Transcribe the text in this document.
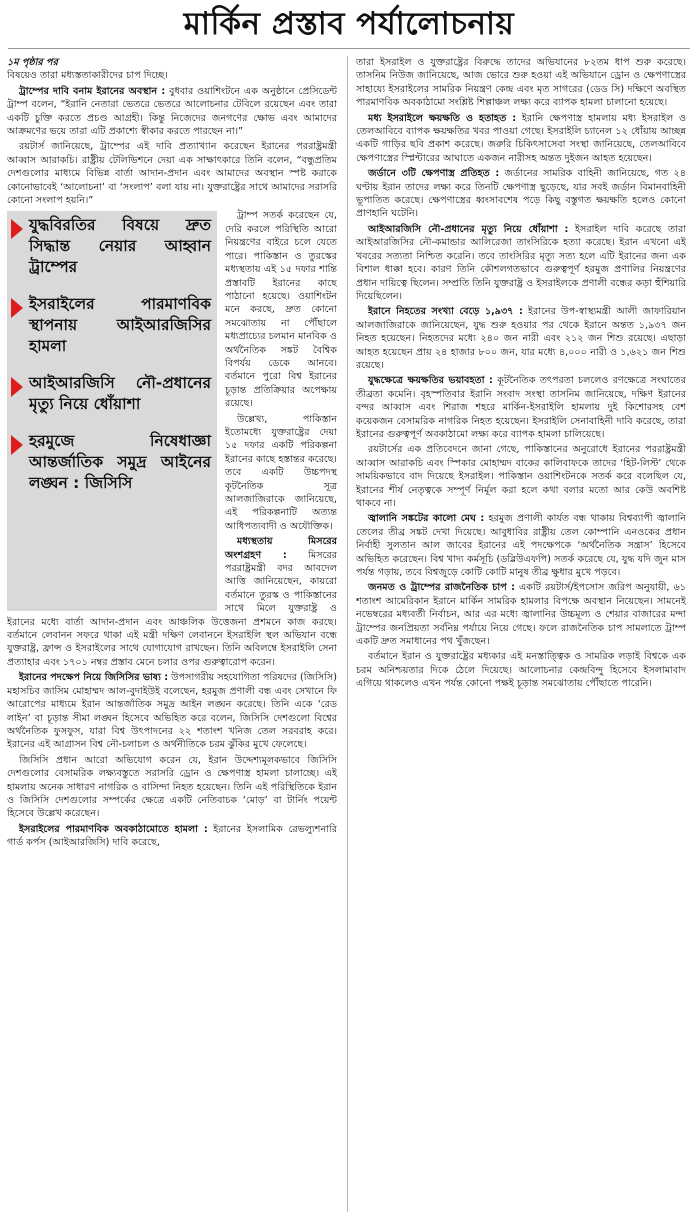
মার্কিন প্রস্তাব পর্যালোচনায়
১ম পৃষ্ঠার পর

বিষয়েও তারা মধ্যস্ততাকারীদের চাপ দিচ্ছে।

ট্রাম্পের দাবি বনাম ইরানের অবস্থান : বুধবার ওয়াশিংটনে এক অনুষ্ঠানে প্রেসিডেন্ট ট্রাম্প বলেন, “ইরানি নেতারা ভেতরে ভেতরে আলোচনার টেবিলে রয়েছেন এবং তারা একটি চুক্তি করতে প্রচণ্ড আগ্রহী। কিন্তু নিজেদের জনগণের ক্ষোভ এবং আমাদের আক্রমণের ভয়ে তারা এটি প্রকাশ্যে স্বীকার করতে পারছেন না।”

রয়টার্স জানিয়েছে, ট্রাম্পের এই দাবি প্রত্যাখ্যান করেছেন ইরানের পররাষ্ট্রমন্ত্রী আব্বাস আরাকচি। রাষ্ট্রীয় টেলিভিশনে দেয়া এক সাক্ষাৎকারে তিনি বলেন, “বন্ধুপ্রতিম দেশগুলোর মাধ্যমে বিভিন্ন বার্তা আদান-প্রদান এবং আমাদের অবস্থান স্পষ্ট করাকে কোনোভাবেই ‘আলোচনা’ বা ‘সংলাপ’ বলা যায় না। যুক্তরাষ্ট্রের সাথে আমাদের সরাসরি কোনো সংলাপ হয়নি।”

যুদ্ধবিরতির বিষয়ে দ্রুত সিদ্ধান্ত নেয়ার আহ্বান ট্রাম্পের
ইসরাইলের পারমাণবিক স্থাপনায় আইআরজিসির হামলা
আইআরজিসি নৌ-প্রধানের মৃত্যু নিয়ে ধোঁয়াশা
হরমুজে নিষেধাজ্ঞা আন্তর্জাতিক সমুদ্র আইনের লঙ্ঘন : জিসিসি

ট্রাম্প সতর্ক করেছেন যে, দেরি করলে পরিস্থিতি আরো নিয়ন্ত্রণের বাইরে চলে যেতে পারে। পাকিস্তান ও তুরস্কের মধ্যস্থতায় এই ১৫ দফার শান্তি প্রস্তাবটি ইরানের কাছে পাঠানো হয়েছে। ওয়াশিংটন মনে করছে, দ্রুত কোনো সমঝোতায় না পৌঁছালে মধ্যপ্রাচ্যের চলমান মানবিক ও অর্থনৈতিক সঙ্কট বৈশ্বিক বিপর্যয় ডেকে আনবে। বর্তমানে পুরো বিশ্ব ইরানের চূড়ান্ত প্রতিক্রিয়ার অপেক্ষায় রয়েছে।

উল্লেখ্য, পাকিস্তান ইতোমধ্যে যুক্তরাষ্ট্রের দেয়া ১৫ দফার একটি পরিকল্পনা ইরানের কাছে হস্তান্তর করেছে। তবে একটি উচ্চপদস্থ কূটনৈতিক সূত্র আলজাজিরাকে জানিয়েছে, এই পরিকল্পনাটি অত্যন্ত আধিপত্যবাদী ও অযৌক্তিক।

মধ্যস্থতায় মিসরের অংশগ্রহণ : মিসরের পররাষ্ট্রমন্ত্রী বদর আবদেল আত্তি জানিয়েছেন, কায়রো বর্তমানে তুরস্ক ও পাকিস্তানের সাথে মিলে যুক্তরাষ্ট্র ও ইরানের মধ্যে বার্তা আদান-প্রদান এবং আঞ্চলিক উত্তেজনা প্রশমনে কাজ করছে। বর্তমানে লেবানন সফরে থাকা এই মন্ত্রী দক্ষিণ লেবাননে ইসরাইলি স্থল অভিযান বন্ধে যুক্তরাষ্ট্র, ফ্রান্স ও ইসরাইলের সাথে যোগাযোগ রাখছেন। তিনি অবিলম্বে ইসরাইলি সেনা প্রত্যাহার এবং ১৭০১ নম্বর প্রস্তাব মেনে চলার ওপর গুরুত্বারোপ করেন।

ইরানের পদক্ষেপ নিয়ে জিসিসির ভাষ্য : উপসাগরীয় সহযোগিতা পরিষদের (জিসিসি) মহাসচিব জাসিম মোহাম্মদ আল-বুদাইউই বলেছেন, হরমুজ প্রণালী বন্ধ এবং সেখানে ফি আরোপের মাধ্যমে ইরান আন্তর্জাতিক সমুদ্র আইন লঙ্ঘন করেছে। তিনি একে ‘রেড লাইন’ বা চূড়ান্ত সীমা লঙ্ঘন হিসেবে অভিহিত করে বলেন, জিসিসি দেশগুলো বিশ্বের অর্থনৈতিক ফুসফুস, যারা বিশ্ব উৎপাদনের ২২ শতাংশ খনিজ তেল সরবরাহ করে। ইরানের এই আগ্রাসন বিশ্ব নৌ-চলাচল ও অর্থনীতিকে চরম ঝুঁকির মুখে ফেলেছে।

জিসিসি প্রধান আরো অভিযোগ করেন যে, ইরান উদ্দেশ্যমূলকভাবে জিসিসি দেশগুলোর বেসামরিক লক্ষ্যবস্তুতে সরাসরি ড্রোন ও ক্ষেপণাস্ত্র হামলা চালাচ্ছে। এই হামলায় অনেক সাধারণ নাগরিক ও বাসিন্দা নিহত হয়েছেন। তিনি এই পরিস্থিতিকে ইরান ও জিসিসি দেশগুলোর সম্পর্কের ক্ষেত্রে একটি নেতিবাচক ‘মোড়’ বা টার্নিং পয়েন্ট হিসেবে উল্লেখ করেছেন।

ইসরাইলের পারমাণবিক অবকাঠামোতে হামলা : ইরানের ইসলামিক রেভল্যুশনারি গার্ড কর্পস (আইআরজিসি) দাবি করেছে,

তারা ইসরাইল ও যুক্তরাষ্ট্রের বিরুদ্ধে তাদের অভিযানের ৮২তম ধাপ শুরু করেছে। তাসনিম নিউজ জানিয়েছে, আজ ভোরে শুরু হওয়া এই অভিযানে ড্রোন ও ক্ষেপণাস্ত্রের সাহায্যে ইসরাইলের সামরিক নিয়ন্ত্রণ কেন্দ্র এবং মৃত সাগরের (ডেড সি) দক্ষিণে অবস্থিত পারমাণবিক অবকাঠামো সংশ্লিষ্ট শিল্পাঞ্চল লক্ষ্য করে ব্যাপক হামলা চালানো হয়েছে।

মধ্য ইসরাইলে ক্ষয়ক্ষতি ও হতাহত : ইরানি ক্ষেপণাস্ত্র হামলায় মধ্য ইসরাইল ও তেলআবিবে ব্যাপক ক্ষয়ক্ষতির খবর পাওয়া গেছে। ইসরাইলি চ্যানেল ১২ ধোঁয়ায় আচ্ছন্ন একটি গাড়ির ছবি প্রকাশ করেছে। জরুরি চিকিৎসাসেবা সংস্থা জানিয়েছে, তেলআবিবে ক্ষেপণাস্ত্রের স্প্লিন্টারের আঘাতে একজন নারীসহ অন্তত দুইজন আহত হয়েছেন।

জর্ডানে ৩টি ক্ষেপণাস্ত্র প্রতিহত : জর্ডানের সামরিক বাহিনী জানিয়েছে, গত ২৪ ঘণ্টায় ইরান তাদের লক্ষ্য করে তিনটি ক্ষেপণাস্ত্র ছুড়েছে, যার সবই জর্ডান বিমানবাহিনী ভূপাতিত করেছে। ক্ষেপণাস্ত্রের ধ্বংসাবশেষ পড়ে কিছু বস্তুগত ক্ষয়ক্ষতি হলেও কোনো প্রাণহানি ঘটেনি।

আইআরজিসি নৌ-প্রধানের মৃত্যু নিয়ে ধোঁয়াশা : ইসরাইল দাবি করেছে তারা আইআরজিসির নৌ-কমান্ডার আলিরেজা তাংসিরিকে হত্যা করেছে। ইরান এখনো এই খবরের সত্যতা নিশ্চিত করেনি। তবে তাংসিরির মৃত্যু সত্য হলে এটি ইরানের জন্য এক বিশাল ধাক্কা হবে। কারণ তিনি কৌশলগতভাবে গুরুত্বপূর্ণ হরমুজ প্রণালির নিয়ন্ত্রণের প্রধান দায়িত্বে ছিলেন। সম্প্রতি তিনি যুক্তরাষ্ট্র ও ইসরাইলকে প্রণালী বন্ধের কড়া হুঁশিয়ারি দিয়েছিলেন।

ইরানে নিহতের সংখ্যা বেড়ে ১,৯৩৭ : ইরানের উপ-স্বাস্থ্যমন্ত্রী আলী জাফারিয়ান আলজাজিরাকে জানিয়েছেন, যুদ্ধ শুরু হওয়ার পর থেকে ইরানে অন্তত ১,৯৩৭ জন নিহত হয়েছেন। নিহতদের মধ্যে ২৪০ জন নারী এবং ২১২ জন শিশু রয়েছে। এছাড়া আহত হয়েছেন প্রায় ২৪ হাজার ৮০০ জন, যার মধ্যে ৪,০০০ নারী ও ১,৬২১ জন শিশু রয়েছে।

যুদ্ধক্ষেত্রে ক্ষয়ক্ষতির ভয়াবহতা : কূটনৈতিক তৎপরতা চললেও রণক্ষেত্রে সংঘাতের তীব্রতা কমেনি। বৃহস্পতিবার ইরানি সংবাদ সংস্থা তাসনিম জানিয়েছে, দক্ষিণ ইরানের বন্দর আব্বাস এবং শিরাজ শহরে মার্কিন-ইসরাইলি হামলায় দুই কিশোরসহ বেশ কয়েকজন বেসামরিক নাগরিক নিহত হয়েছেন। ইসরাইলি সেনাবাহিনী দাবি করেছে, তারা ইরানের গুরুত্বপূর্ণ অবকাঠামো লক্ষ্য করে ব্যাপক হামলা চালিয়েছে।

রয়টার্সের এক প্রতিবেদনে জানা গেছে, পাকিস্তানের অনুরোধে ইরানের পররাষ্ট্রমন্ত্রী আব্বাস আরাকচি এবং স্পিকার মোহাম্মদ বাকের কালিবাফকে তাদের ‘হিট-লিস্ট’ থেকে সাময়িকভাবে বাদ দিয়েছে ইসরাইল। পাকিস্তান ওয়াশিংটনকে সতর্ক করে বলেছিল যে, ইরানের শীর্ষ নেতৃত্বকে সম্পূর্ণ নির্মূল করা হলে কথা বলার মতো আর কেউ অবশিষ্ট থাকবে না।

জ্বালানি সঙ্কটের কালো মেঘ : হরমুজ প্রণালী কার্যত বন্ধ থাকায় বিশ্বব্যাপী জ্বালানি তেলের তীব্র সঙ্কট দেখা দিয়েছে। আবুধাবির রাষ্ট্রীয় তেল কোম্পানি এনওকের প্রধান নির্বাহী সুলতান আল জাবের ইরানের এই পদক্ষেপকে ‘অর্থনৈতিক সন্ত্রাস’ হিসেবে অভিহিত করেছেন। বিশ্ব খাদ্য কর্মসূচি (ডব্লিউএফপি) সতর্ক করেছে যে, যুদ্ধ যদি জুন মাস পর্যন্ত গড়ায়, তবে বিশ্বজুড়ে কোটি কোটি মানুষ তীব্র ক্ষুধার মুখে পড়বে।

জনমত ও ট্রাম্পের রাজনৈতিক চাপ : একটি রয়টার্স/ইপসোস জরিপ অনুযায়ী, ৬১ শতাংশ আমেরিকান ইরানে মার্কিন সামরিক হামলার বিপক্ষে অবস্থান নিয়েছেন। সামনেই নভেম্বরের মধ্যবর্তী নির্বাচন, আর এর মধ্যে জ্বালানির উচ্চমূল্য ও শেয়ার বাজারের মন্দা ট্রাম্পের জনপ্রিয়তা সর্বনিম্ন পর্যায়ে নিয়ে গেছে। ফলে রাজনৈতিক চাপ সামলাতে ট্রাম্প একটি দ্রুত সমাধানের পথ খুঁজছেন।

বর্তমানে ইরান ও যুক্তরাষ্ট্রের মধ্যকার এই মনস্তাত্ত্বিক ও সামরিক লড়াই বিশ্বকে এক চরম অনিশ্চয়তার দিকে ঠেলে দিয়েছে। আলোচনার কেন্দ্রবিন্দু হিসেবে ইসলামাবাদ এগিয়ে থাকলেও এখন পর্যন্ত কোনো পক্ষই চূড়ান্ত সমঝোতায় পৌঁছাতে পারেনি।
